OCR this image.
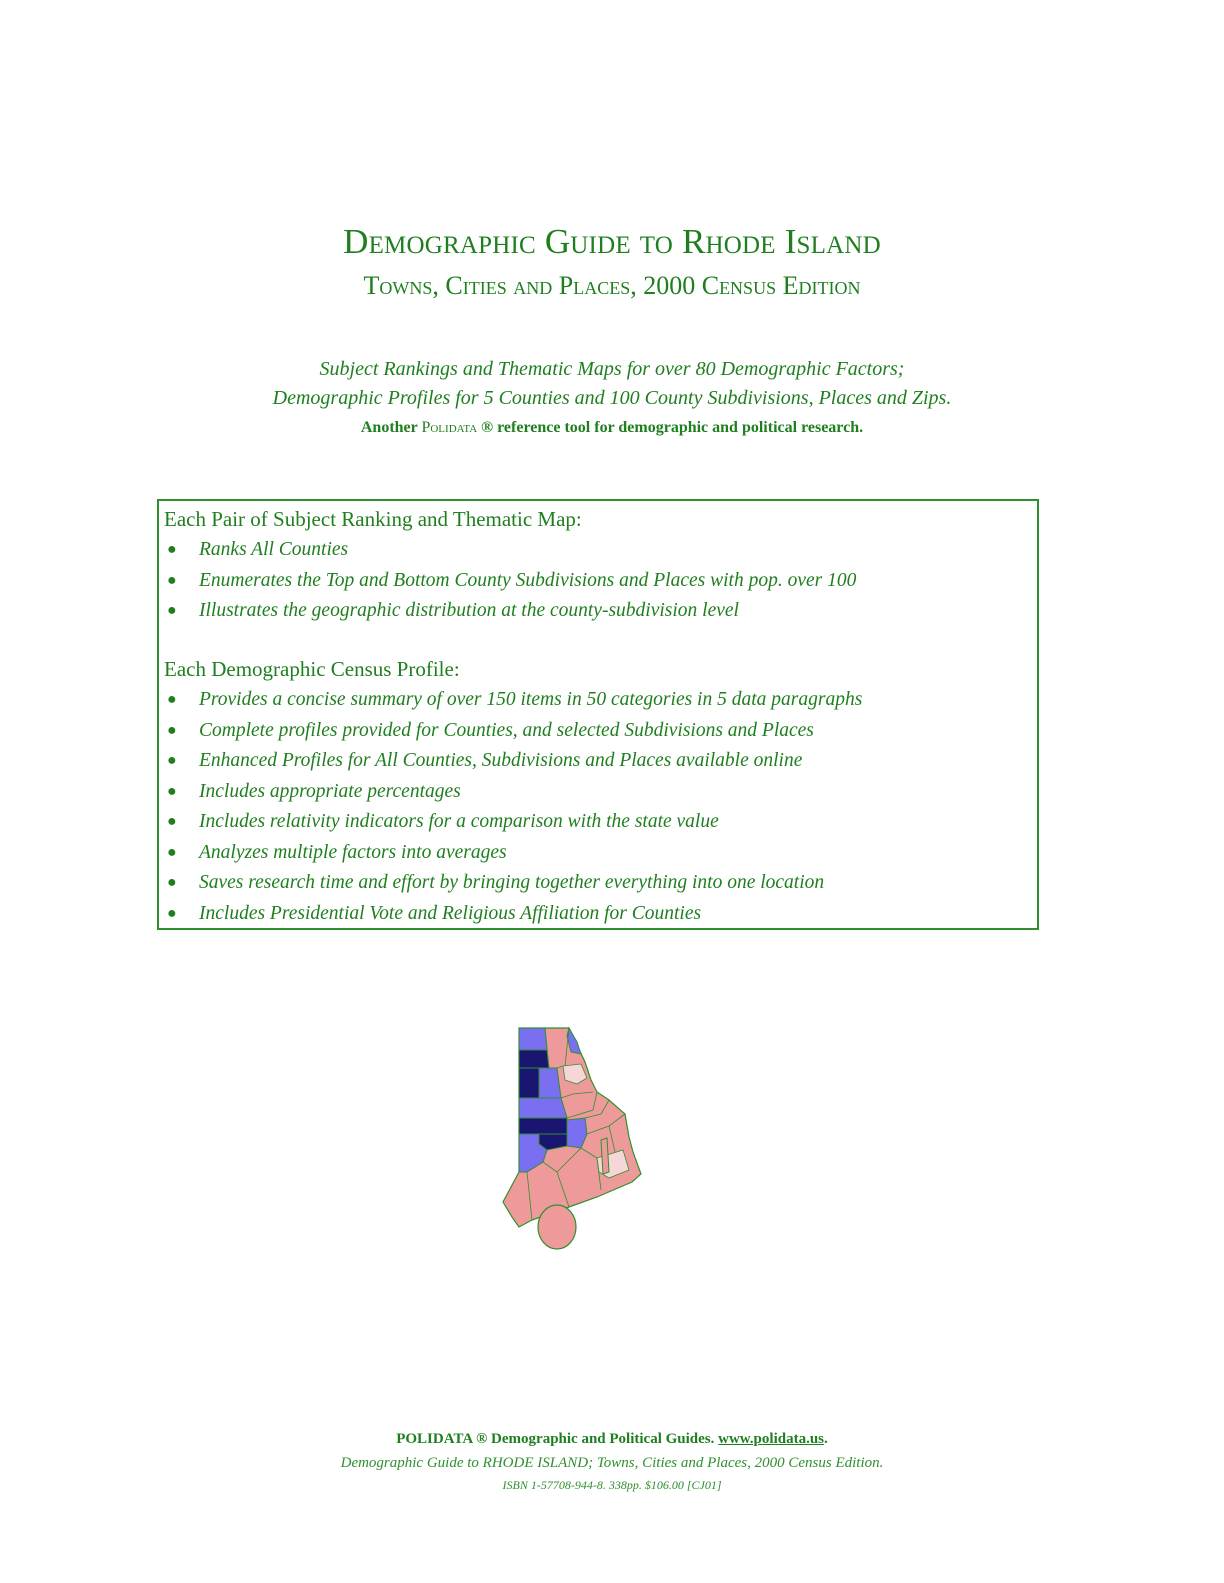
Demographic Guide to Rhode Island
Towns, Cities and Places, 2000 Census Edition
Subject Rankings and Thematic Maps for over 80 Demographic Factors;
Demographic Profiles for 5 Counties and 100 County Subdivisions, Places and Zips.
Another Polidata ® reference tool for demographic and political research.
Each Pair of Subject Ranking and Thematic Map:
● Ranks All Counties
● Enumerates the Top and Bottom County Subdivisions and Places with pop. over 100
● Illustrates the geographic distribution at the county-subdivision level
Each Demographic Census Profile:
● Provides a concise summary of over 150 items in 50 categories in 5 data paragraphs
● Complete profiles provided for Counties, and selected Subdivisions and Places
● Enhanced Profiles for All Counties, Subdivisions and Places available online
● Includes appropriate percentages
● Includes relativity indicators for a comparison with the state value
● Analyzes multiple factors into averages
● Saves research time and effort by bringing together everything into one location
● Includes Presidential Vote and Religious Affiliation for Counties
POLIDATA ® Demographic and Political Guides. www.polidata.us.
Demographic Guide to RHODE ISLAND; Towns, Cities and Places, 2000 Census Edition.
ISBN 1-57708-944-8. 338pp. $106.00 [CJ01]
